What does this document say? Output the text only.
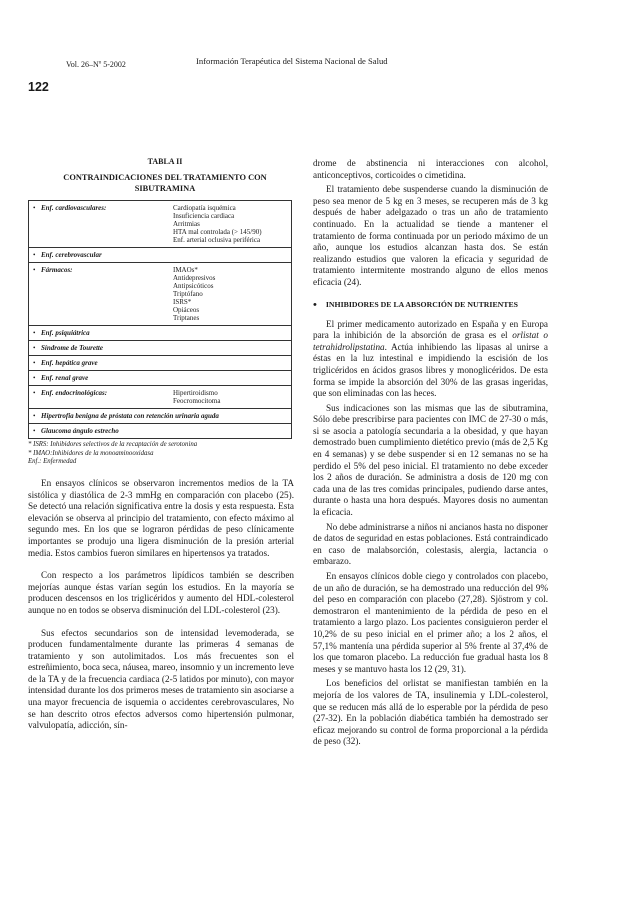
Vol. $26-N^o$ 5-2002	Información Terapéutica del Sistema Nacional de Salud
122
TABLA II
CONTRAINDICACIONES DEL TRATAMIENTO CON SIBUTRAMINA
• Enf. cardiovasculares:	Cardiopatía isquémica
Insuficiencia cardiaca
Arritmias
HTA mal controlada (> 145/90)
Enf. arterial oclusiva periférica
• Enf. cerebrovascular
• Fármacos:	IMAOs*
Antidepresivos
Antipsicóticos
Triptófano
ISRS*
Opiáceos
Triptanes
• Enf. psiquiátrica
• Síndrome de Tourette
• Enf. hepática grave
• Enf. renal grave
• Enf. endocrinológicas:	Hipertiroidismo
Feocromocitoma
• Hipertrofia benigna de próstata con retención urinaria aguda
• Glaucoma ángulo estrecho
* ISRS: Inhibidores selectivos de la recaptación de serotonina
* IMAO:Inhibidores de la monoaminooxidasa
Enf.: Enfermedad

En ensayos clínicos se observaron incrementos medios de la TA sistólica y diastólica de 2-3 mmHg en comparación con placebo (25). Se detectó una relación significativa entre la dosis y esta respuesta. Esta elevación se observa al principio del tratamiento, con efecto máximo al segundo mes. En los que se lograron pérdidas de peso clínicamente importantes se produjo una ligera disminución de la presión arterial media. Estos cambios fueron similares en hipertensos ya tratados.

Con respecto a los parámetros lipídicos también se describen mejorías aunque éstas varían según los estudios. En la mayoría se producen descensos en los triglicéridos y aumento del HDL-colesterol aunque no en todos se observa disminución del LDL-colesterol (23).

Sus efectos secundarios son de intensidad levemoderada, se producen fundamentalmente durante las primeras 4 semanas de tratamiento y son autolimitados. Los más frecuentes son el estreñimiento, boca seca, náusea, mareo, insomnio y un incremento leve de la TA y de la frecuencia cardiaca (2-5 latidos por minuto), con mayor intensidad durante los dos primeros meses de tratamiento sin asociarse a una mayor frecuencia de isquemia o accidentes cerebrovasculares, No se han descrito otros efectos adversos como hipertensión pulmonar, valvulopatía, adicción, sín-

drome de abstinencia ni interacciones con alcohol, anticonceptivos, corticoides o cimetidina.

El tratamiento debe suspenderse cuando la disminución de peso sea menor de 5 kg en 3 meses, se recuperen más de 3 kg después de haber adelgazado o tras un año de tratamiento continuado. En la actualidad se tiende a mantener el tratamiento de forma continuada por un periodo máximo de un año, aunque los estudios alcanzan hasta dos. Se están realizando estudios que valoren la eficacia y seguridad de tratamiento intermitente mostrando alguno de ellos menos eficacia (24).

• INHIBIDORES DE LA ABSORCIÓN DE NUTRIENTES

El primer medicamento autorizado en España y en Europa para la inhibición de la absorción de grasa es el orlistat o tetrahidrolipstatina. Actúa inhibiendo las lipasas al unirse a éstas en la luz intestinal e impidiendo la escisión de los triglicéridos en ácidos grasos libres y monoglicéridos. De esta forma se impide la absorción del 30% de las grasas ingeridas, que son eliminadas con las heces.

Sus indicaciones son las mismas que las de sibutramina, Sólo debe prescribirse para pacientes con IMC de 27-30 o más, si se asocia a patología secundaria a la obesidad, y que hayan demostrado buen cumplimiento dietético previo (más de 2,5 Kg en 4 semanas) y se debe suspender si en 12 semanas no se ha perdido el 5% del peso inicial. El tratamiento no debe exceder los 2 años de duración. Se administra a dosis de 120 mg con cada una de las tres comidas principales, pudiendo darse antes, durante o hasta una hora después. Mayores dosis no aumentan la eficacia.

No debe administrarse a niños ni ancianos hasta no disponer de datos de seguridad en estas poblaciones. Está contraindicado en caso de malabsorción, colestasis, alergia, lactancia o embarazo.

En ensayos clínicos doble ciego y controlados con placebo, de un año de duración, se ha demostrado una reducción del 9% del peso en comparación con placebo (27,28). Sjöstrom y col. demostraron el mantenimiento de la pérdida de peso en el tratamiento a largo plazo. Los pacientes consiguieron perder el 10,2% de su peso inicial en el primer año; a los 2 años, el 57,1% mantenía una pérdida superior al 5% frente al 37,4% de los que tomaron placebo. La reducción fue gradual hasta los 8 meses y se mantuvo hasta los 12 (29, 31).

Los beneficios del orlistat se manifiestan también en la mejoría de los valores de TA, insulinemia y LDL-colesterol, que se reducen más allá de lo esperable por la pérdida de peso (27-32). En la población diabética también ha demostrado ser eficaz mejorando su control de forma proporcional a la pérdida de peso (32).
